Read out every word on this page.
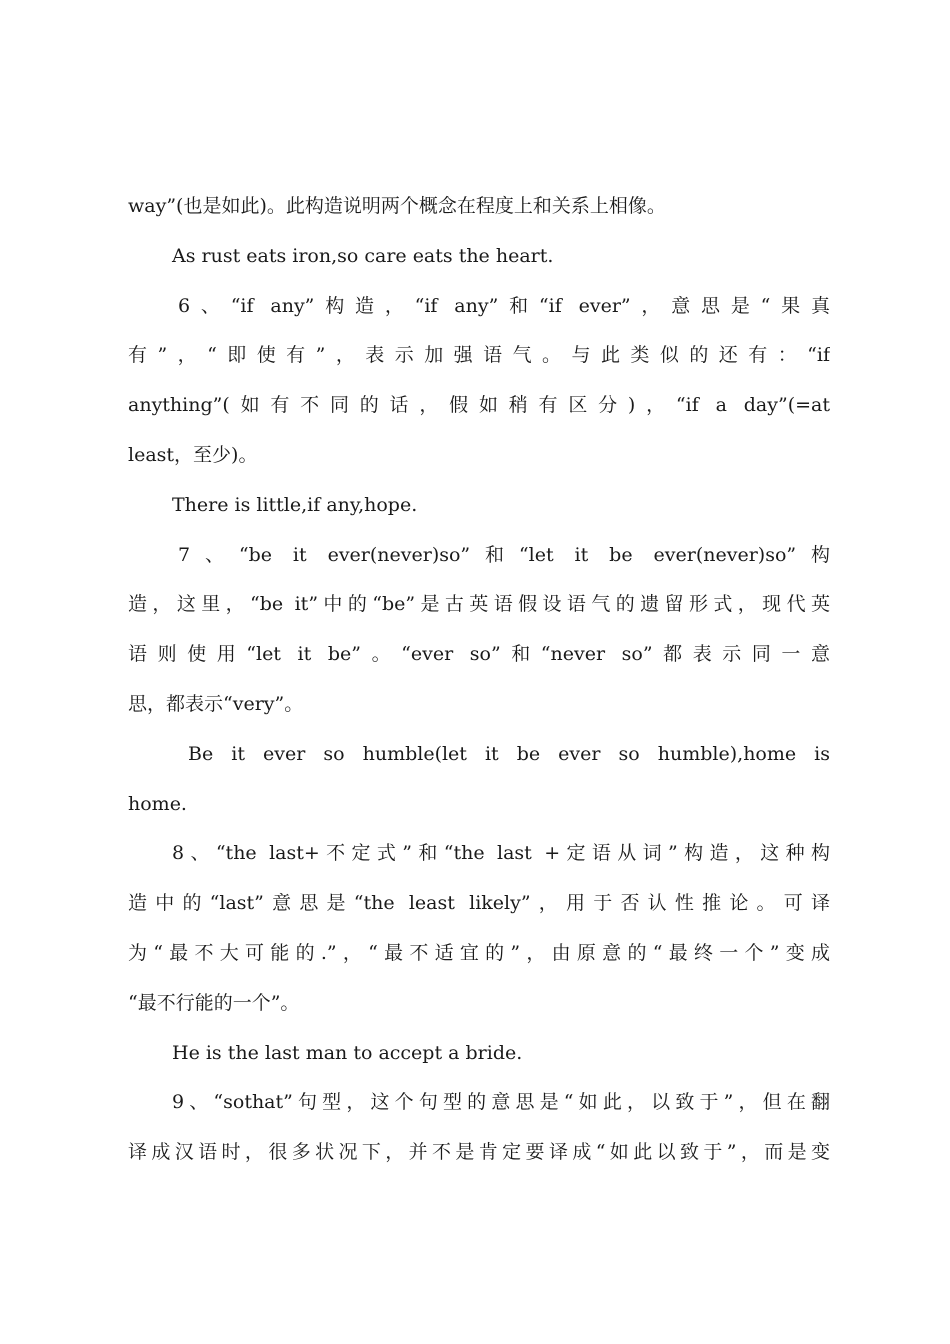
way”(也是如此)。此构造说明两个概念在程度上和关系上相像。
As rust eats iron,so care eats the heart.
6、“if any”构造，“if any”和“if ever”，意思是“果真
有”，“即使有”，表示加强语气。与此类似的还有：“if
anything”(如有不同的话，假如稍有区分)，“if a day”(=at
least，至少)。
There is little,if any,hope.
7、“be it ever(never)so”和“let it be ever(never)so”构
造，这里，“be it”中的“be”是古英语假设语气的遗留形式，现代英
语则使用“let it be”。“ever so”和“never so”都表示同一意
思，都表示“very”。
Be it ever so humble(let it be ever so humble),home is
home.
8、“the last+不定式”和“the last +定语从词”构造，这种构
造中的“last”意思是“the least likely”，用于否认性推论。可译
为“最不大可能的.”，“最不适宜的”，由原意的“最终一个”变成
“最不行能的一个”。
He is the last man to accept a bride.
9、“sothat”句型，这个句型的意思是“如此，以致于”，但在翻
译成汉语时，很多状况下，并不是肯定要译成“如此以致于”，而是变
